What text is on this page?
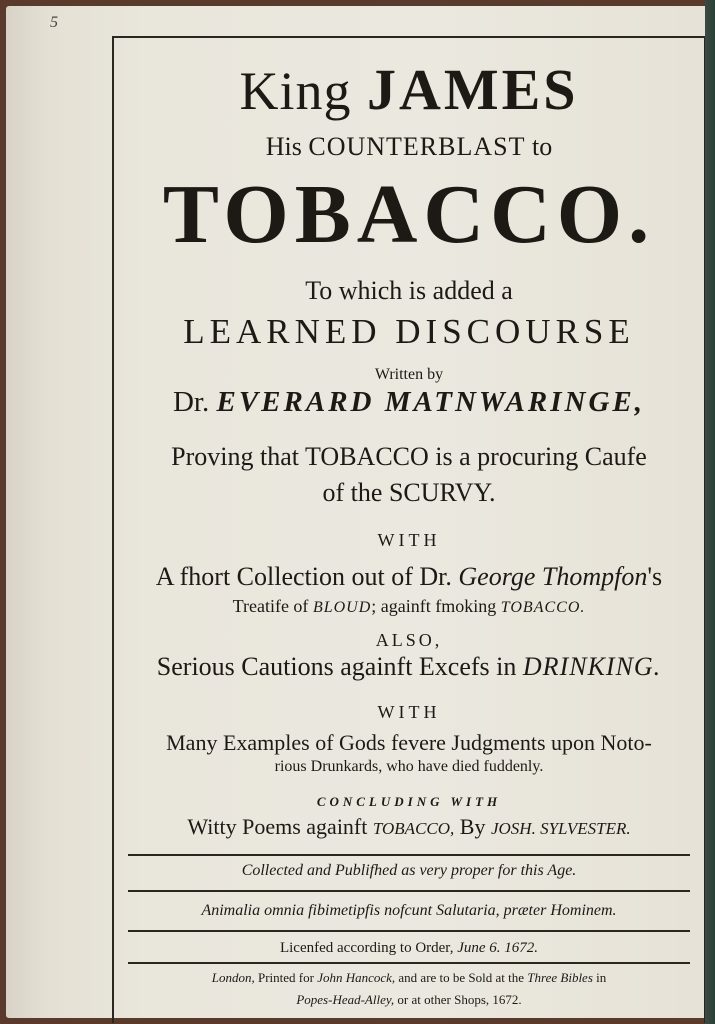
5
King JAMES
His COUNTERBLAST to
TOBACCO.
To which is added a
LEARNED DISCOURSE
Written by
Dr. EVERARD MATNWARINGE,
Proving that TOBACCO is a procuring Caufe
of the SCURVY.
WITH
A fhort Collection out of Dr. George Thompfon's
Treatife of BLOUD; againft fmoking TOBACCO.
ALSO,
Serious Cautions againft Excefs in DRINKING.
WITH
Many Examples of Gods fevere Judgments upon Noto-
rious Drunkards, who have died fuddenly.
CONCLUDING WITH
Witty Poems againft TOBACCO, By JOSH. SYLVESTER.
Collected and Publifhed as very proper for this Age.
Animalia omnia fibimetipfis nofcunt Salutaria, præter Hominem.
Licenfed according to Order, June 6. 1672.
London, Printed for John Hancock, and are to be Sold at the Three Bibles in
Popes-Head-Alley, or at other Shops, 1672.
